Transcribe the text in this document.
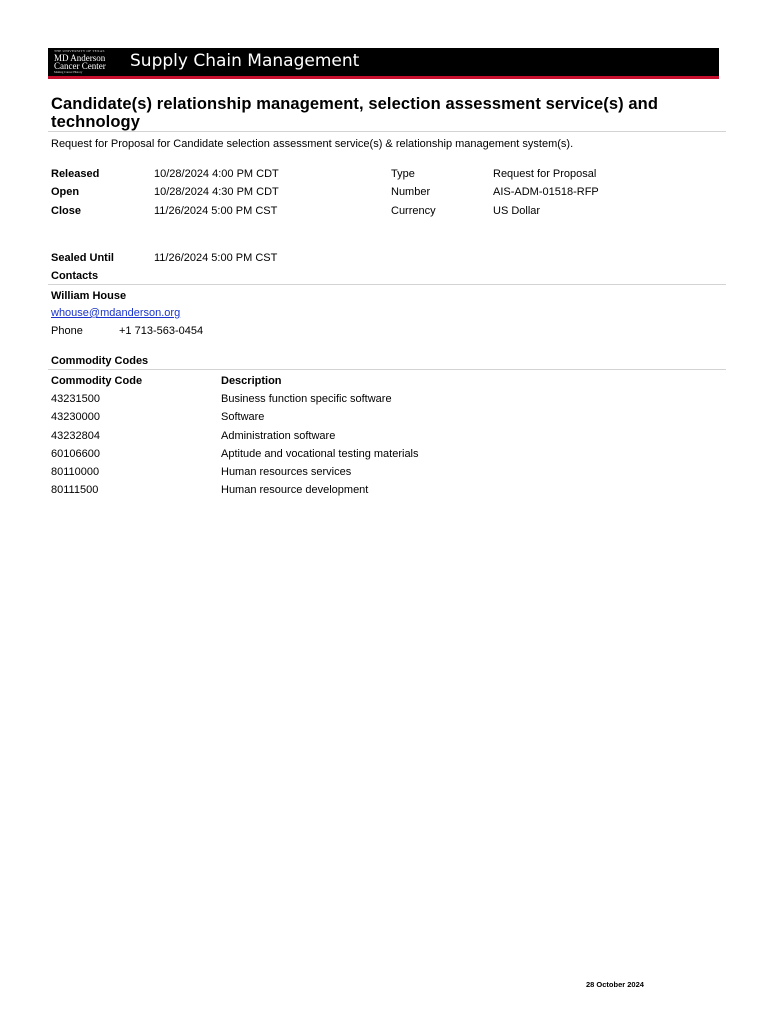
THE UNIVERSITY OF TEXAS
MD Anderson
Cancer Center
Making Cancer History
Supply Chain Management
Candidate(s) relationship management, selection assessment service(s) and technology
Request for Proposal for Candidate selection assessment service(s) & relationship management system(s).
Released	10/28/2024 4:00 PM CDT	Type	Request for Proposal
Open	10/28/2024 4:30 PM CDT	Number	AIS-ADM-01518-RFP
Close	11/26/2024 5:00 PM CST	Currency	US Dollar
Sealed Until	11/26/2024 5:00 PM CST
Contacts
William House
whouse@mdanderson.org
Phone	+1 713-563-0454
Commodity Codes
Commodity Code	Description
43231500	Business function specific software
43230000	Software
43232804	Administration software
60106600	Aptitude and vocational testing materials
80110000	Human resources services
80111500	Human resource development
28 October 2024
